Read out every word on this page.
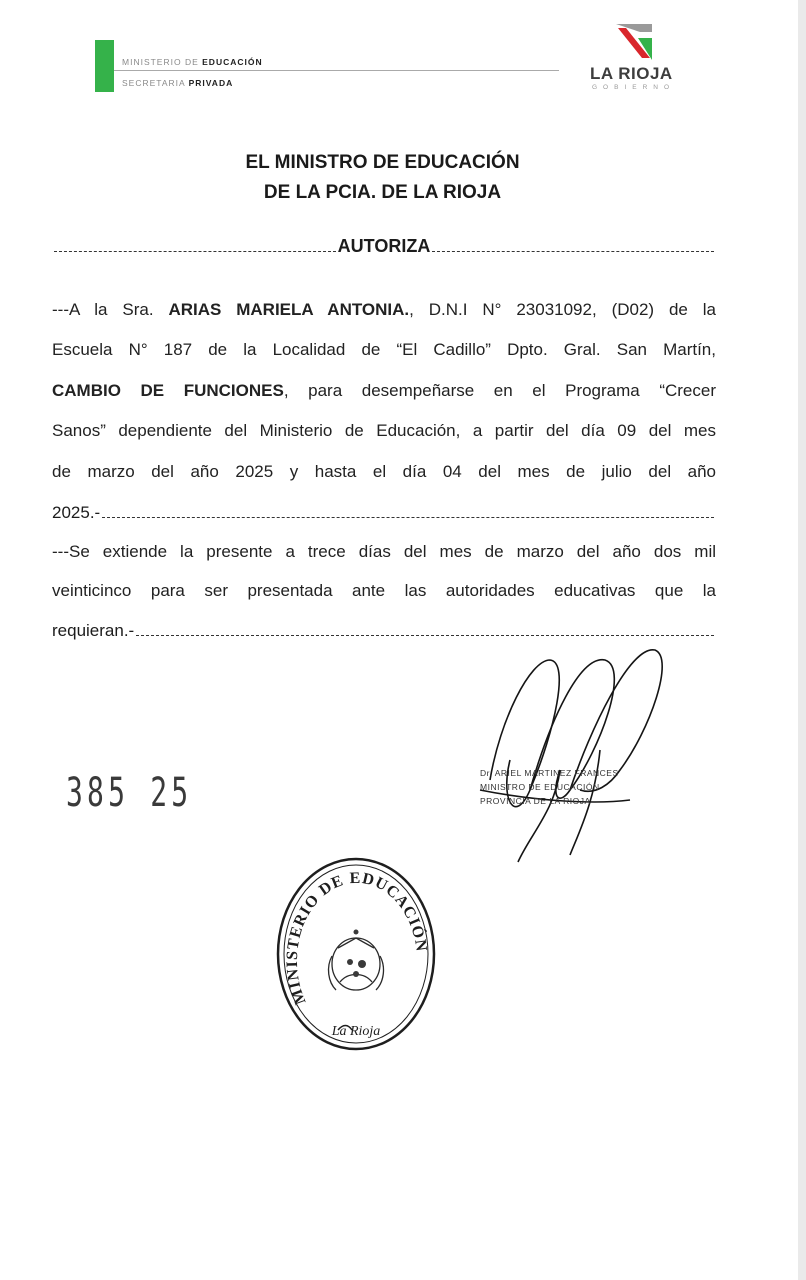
MINISTERIO DE EDUCACIÓN
SECRETARIA PRIVADA	LA RIOJA
GOBIERNO
EL MINISTRO DE EDUCACIÓN
DE LA PCIA. DE LA RIOJA
AUTORIZA
---A la Sra. ARIAS MARIELA ANTONIA., D.N.I N° 23031092, (D02) de la
Escuela N° 187 de la Localidad de “El Cadillo” Dpto. Gral. San Martín,
CAMBIO DE FUNCIONES, para desempeñarse en el Programa “Crecer
Sanos” dependiente del Ministerio de Educación, a partir del día 09 del mes
de marzo del año 2025 y hasta el día 04 del mes de julio del año
2025.-
---Se extiende la presente a trece días del mes de marzo del año dos mil
veinticinco para ser presentada ante las autoridades educativas que la
requieran.-
385 25	Dr. ARIEL MARTINEZ FRANCES
MINISTRO DE EDUCACIÓN
PROVINCIA DE LA RIOJA
MINISTERIO DE EDUCACIÓN
La Rioja
